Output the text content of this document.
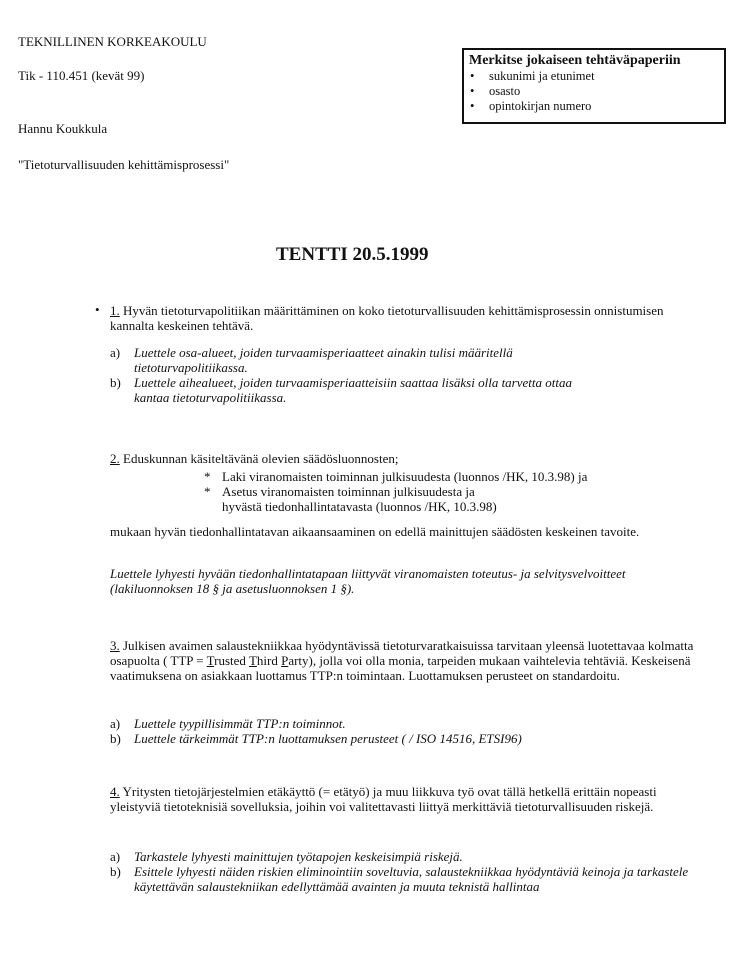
TEKNILLINEN KORKEAKOULU
Tik - 110.451 (kevät 99)
Hannu Koukkula
"Tietoturvallisuuden kehittämisprosessi"
Merkitse jokaiseen tehtäväpaperiin
• sukunimi ja etunimet
• osasto
• opintokirjan numero
TENTTI 20.5.1999
• 1. Hyvän tietoturvapolitiikan määrittäminen on koko tietoturvallisuuden kehittämisprosessin onnistumisen kannalta keskeinen tehtävä.
a) Luettele osa-alueet, joiden turvaamisperiaatteet ainakin tulisi määritellä tietoturvapolitiikassa.
b) Luettele aihealueet, joiden turvaamisperiaatteisiin saattaa lisäksi olla tarvetta ottaa kantaa tietoturvapolitiikassa.
2. Eduskunnan käsiteltävänä olevien säädösluonnosten;
* Laki viranomaisten toiminnan julkisuudesta (luonnos /HK, 10.3.98) ja
* Asetus viranomaisten toiminnan julkisuudesta ja hyvästä tiedonhallintatavasta (luonnos /HK, 10.3.98)
mukaan hyvän tiedonhallintatavan aikaansaaminen on edellä mainittujen säädösten keskeinen tavoite.
Luettele lyhyesti hyvään tiedonhallintatapaan liittyvät viranomaisten toteutus- ja selvitysvelvoitteet (lakiluonnoksen 18 § ja asetusluonnoksen 1 §).
3. Julkisen avaimen salaustekniikkaa hyödyntävissä tietoturvaratkaisuissa tarvitaan yleensä luotettavaa kolmatta osapuolta ( TTP = Trusted Third Party), jolla voi olla monia, tarpeiden mukaan vaihtelevia tehtäviä. Keskeisenä vaatimuksena on asiakkaan luottamus TTP:n toimintaan. Luottamuksen perusteet on standardoitu.
a) Luettele tyypillisimmät TTP:n toiminnot.
b) Luettele tärkeimmät TTP:n luottamuksen perusteet ( / ISO 14516, ETSI96)
4. Yritysten tietojärjestelmien etäkäyttö (= etätyö) ja muu liikkuva työ ovat tällä hetkellä erittäin nopeasti yleistyviä tietoteknisiä sovelluksia, joihin voi valitettavasti liittyä merkittäviä tietoturvallisuuden riskejä.
a) Tarkastele lyhyesti mainittujen työtapojen keskeisimpiä riskejä.
b) Esittele lyhyesti näiden riskien eliminointiin soveltuvia, salaustekniikkaa hyödyntäviä keinoja ja tarkastele käytettävän salaustekniikan edellyttämää avainten ja muuta teknistä hallintaa
